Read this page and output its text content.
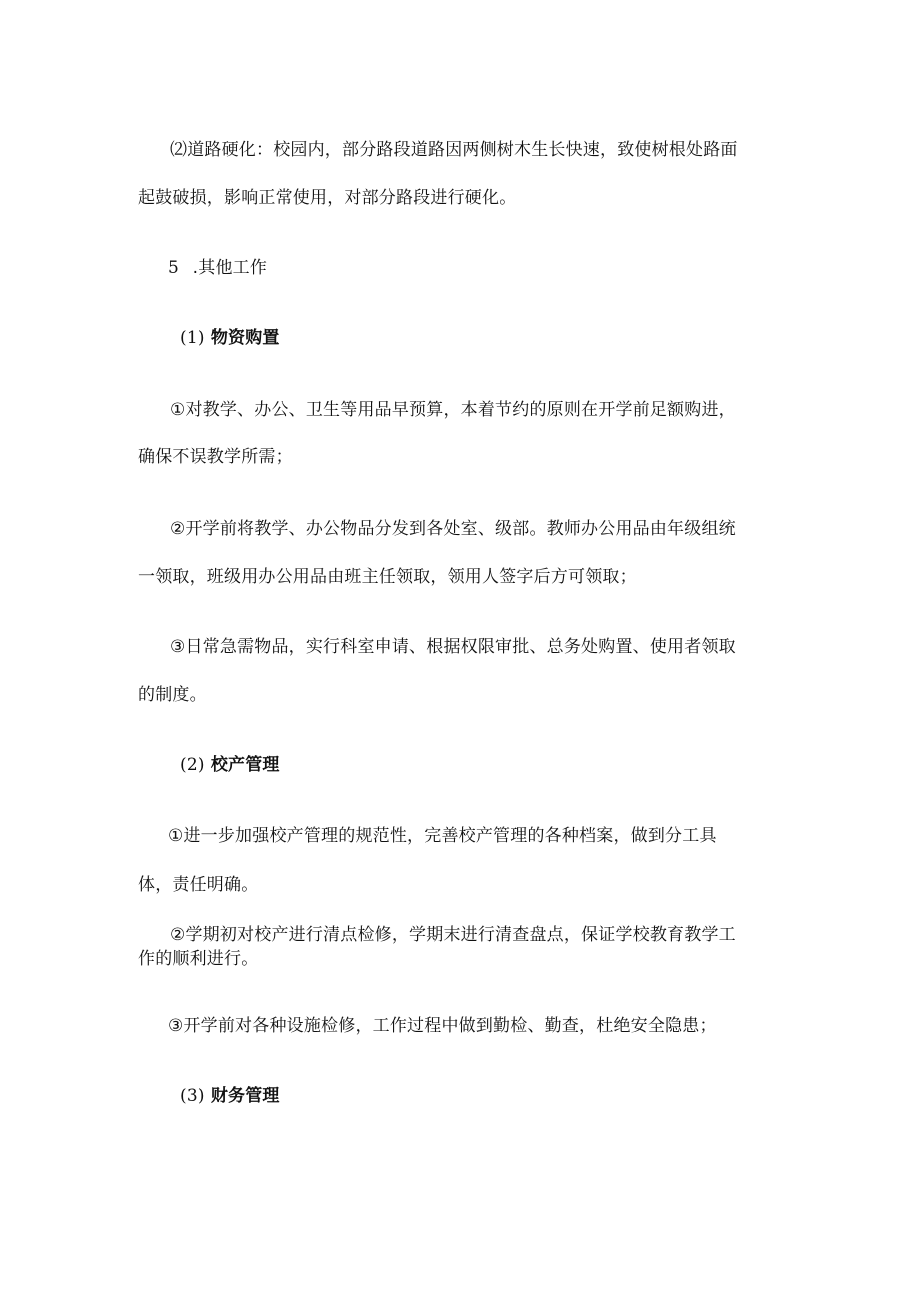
⑵道路硬化：校园内，部分路段道路因两侧树木生长快速，致使树根处路面
起鼓破损，影响正常使用，对部分路段进行硬化。
5 .其他工作
(1) 物资购置
①对教学、办公、卫生等用品早预算，本着节约的原则在开学前足额购进，
确保不误教学所需；
②开学前将教学、办公物品分发到各处室、级部。教师办公用品由年级组统
一领取，班级用办公用品由班主任领取，领用人签字后方可领取；
③日常急需物品，实行科室申请、根据权限审批、总务处购置、使用者领取
的制度。
(2) 校产管理
①进一步加强校产管理的规范性，完善校产管理的各种档案，做到分工具
体，责任明确。
②学期初对校产进行清点检修，学期末进行清查盘点，保证学校教育教学工
作的顺利进行。
③开学前对各种设施检修，工作过程中做到勤检、勤查，杜绝安全隐患；
(3) 财务管理
